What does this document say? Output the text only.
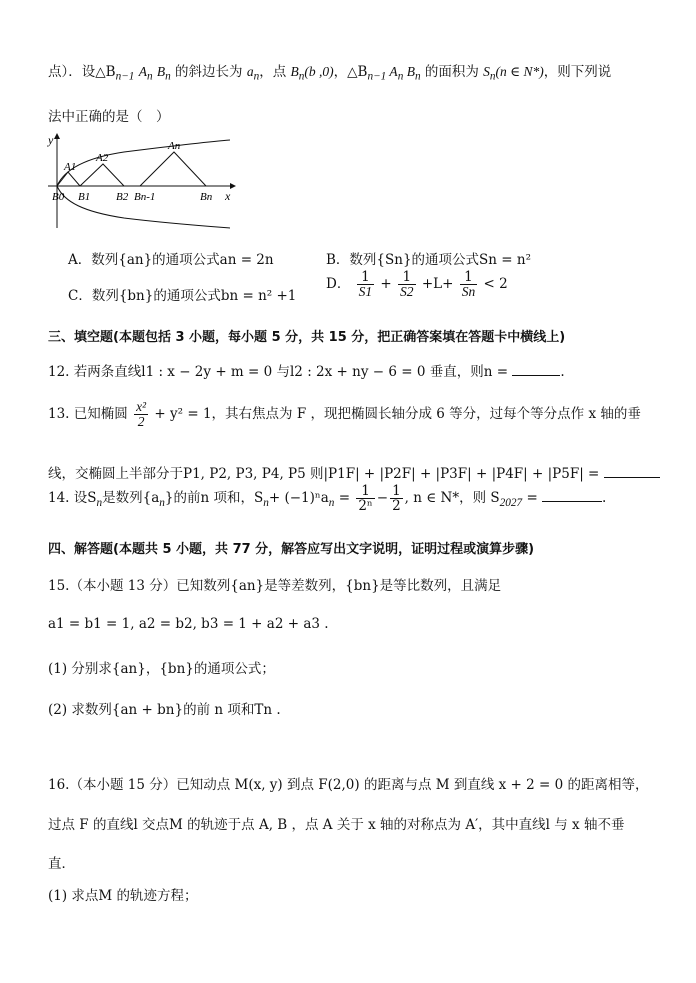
点）．设$\triangle B_{n-1}$ $A_n$ $B_n$ 的斜边长为 $a_n$，点 $B_n(b$ ,0)，$\triangle B_{n-1}$ $A_n$ $B_n$ 的面积为 $S_n(n$ ∈ N*)，则下列说
法中正确的是（　）
y
x
A1
A2
An
B0 B1 B2 Bn-1	Bn
A．数列{an}的通项公式an = 2n	B．数列{Sn}的通项公式Sn = n²
C．数列{bn}的通项公式bn = n² +1
D． $\frac{1}{S1} + \frac{1}{S2} +L+ \frac{1}{Sn} < 2$
三、填空题(本题包括 3 小题，每小题 5 分，共 15 分，把正确答案填在答题卡中横线上)
12. 若两条直线l1 : x − 2y + m = 0 与l2 : 2x + ny − 6 = 0 垂直，则n =	.
13. 已知椭圆 $\frac{\text{x²}}{2} + y^2 = 1$，其右焦点为 F ，现把椭圆长轴分成 6 等分，过每个等分点作 x 轴的垂
线，交椭圆上半部分于P1, P2, P3, P4, P5 则|P1F| + |P2F| + |P3F| + |P4F| + |P5F| =
14. 设$S_n$是数列$\{a_n\}$的前n 项和，$S_n+ (-1)^na_n = \frac{1}{\text{2ⁿ}} - \frac{1}{2}$ , n ∈ N*，则 $S_{2027}$ =	.
四、解答题(本题共 5 小题，共 77 分，解答应写出文字说明，证明过程或演算步骤)
15.（本小题 13 分）已知数列{an}是等差数列，{bn}是等比数列，且满足
a1 = b1 = 1, a2 = b2, b3 = 1 + a2 + a3 .
(1) 分别求{an}，{bn}的通项公式；
(2) 求数列{an + bn}的前 n 项和Tn .
16.（本小题 15 分）已知动点 M(x, y) 到点 F(2,0) 的距离与点 M 到直线 x + 2 = 0 的距离相等，
过点 F 的直线l 交点M 的轨迹于点 A, B ，点 A 关于 x 轴的对称点为 A′，其中直线l 与 x 轴不垂
直．
(1) 求点M 的轨迹方程；
